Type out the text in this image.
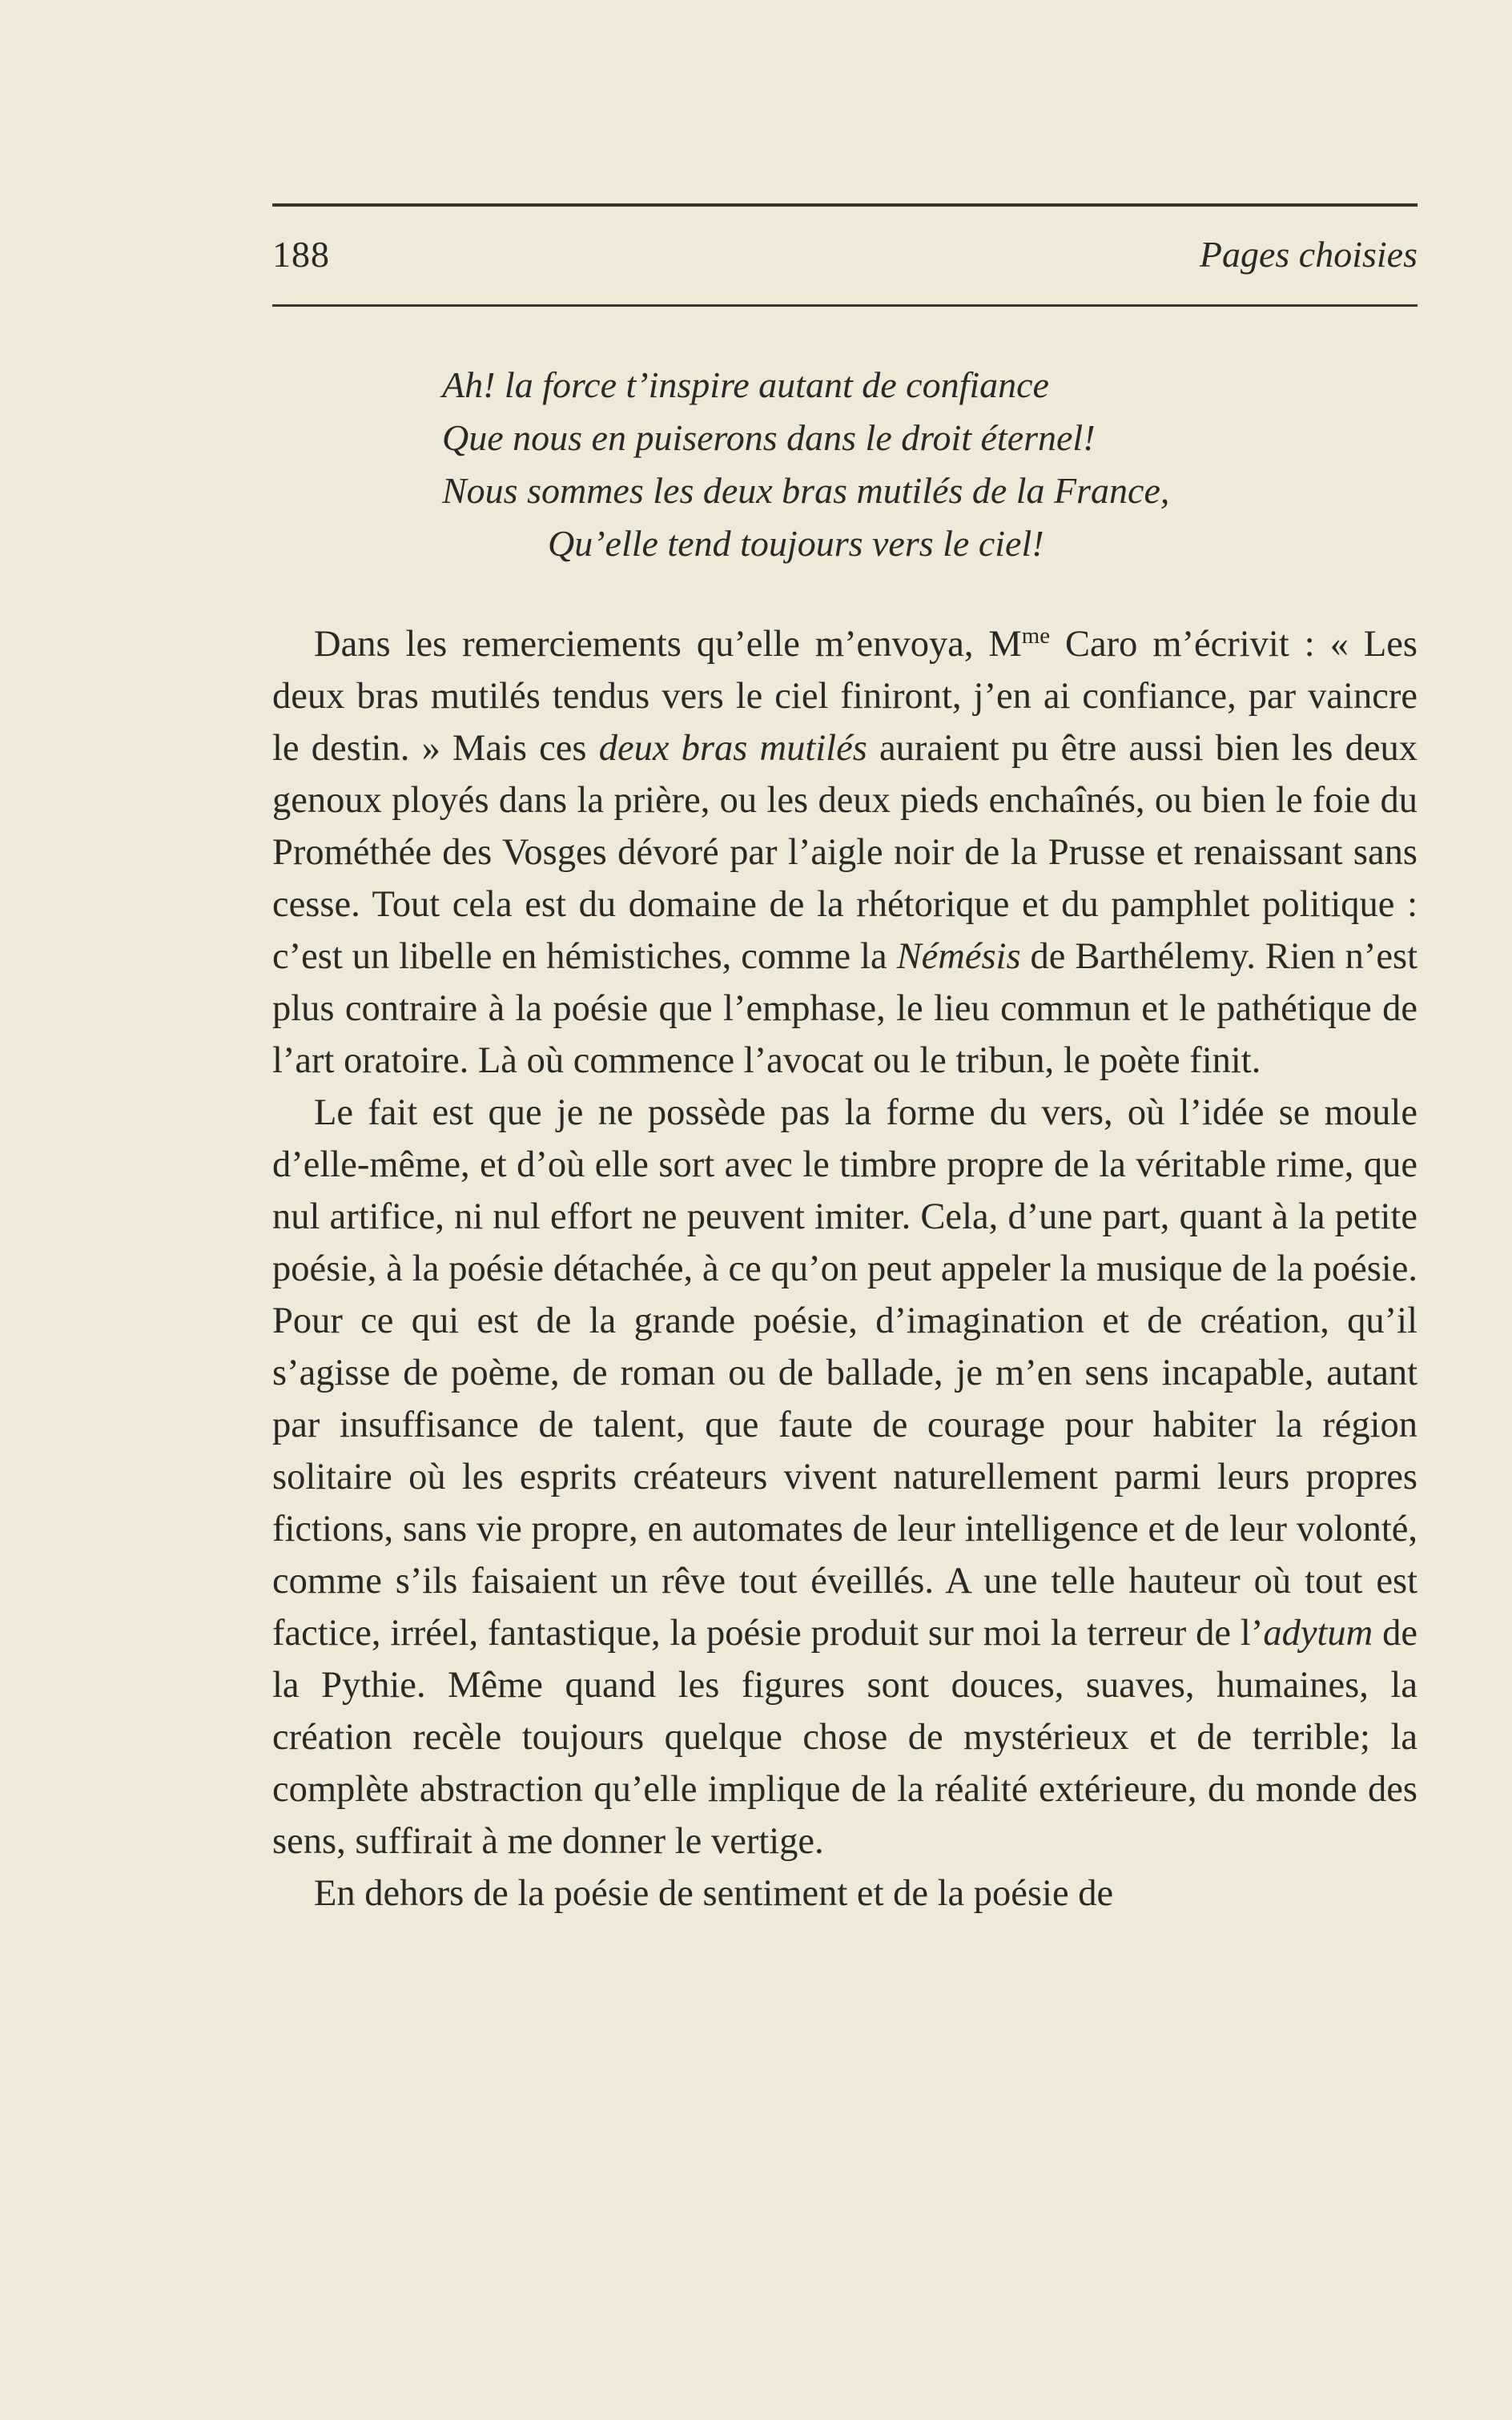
188	Pages choisies
Ah! la force t’inspire autant de confiance
Que nous en puiserons dans le droit éternel!
Nous sommes les deux bras mutilés de la France,
Qu’elle tend toujours vers le ciel!

Dans les remerciements qu’elle m’envoya, $M^{me}$ Caro m’écrivit : « Les deux bras mutilés tendus vers le ciel finiront, j’en ai confiance, par vaincre le destin. » Mais ces deux bras mutilés auraient pu être aussi bien les deux genoux ployés dans la prière, ou les deux pieds enchaînés, ou bien le foie du Prométhée des Vosges dévoré par l’aigle noir de la Prusse et renaissant sans cesse. Tout cela est du domaine de la rhétorique et du pamphlet politique : c’est un libelle en hémistiches, comme la Némésis de Barthélemy. Rien n’est plus contraire à la poésie que l’emphase, le lieu commun et le pathétique de l’art oratoire. Là où commence l’avocat ou le tribun, le poète finit.

Le fait est que je ne possède pas la forme du vers, où l’idée se moule d’elle-même, et d’où elle sort avec le timbre propre de la véritable rime, que nul artifice, ni nul effort ne peuvent imiter. Cela, d’une part, quant à la petite poésie, à la poésie détachée, à ce qu’on peut appeler la musique de la poésie. Pour ce qui est de la grande poésie, d’imagination et de création, qu’il s’agisse de poème, de roman ou de ballade, je m’en sens incapable, autant par insuffisance de talent, que faute de courage pour habiter la région solitaire où les esprits créateurs vivent naturellement parmi leurs propres fictions, sans vie propre, en automates de leur intelligence et de leur volonté, comme s’ils faisaient un rêve tout éveillés. A une telle hauteur où tout est factice, irréel, fantastique, la poésie produit sur moi la terreur de l’adytum de la Pythie. Même quand les figures sont douces, suaves, humaines, la création recèle toujours quelque chose de mystérieux et de terrible; la complète abstraction qu’elle implique de la réalité extérieure, du monde des sens, suffirait à me donner le vertige.

En dehors de la poésie de sentiment et de la poésie de
